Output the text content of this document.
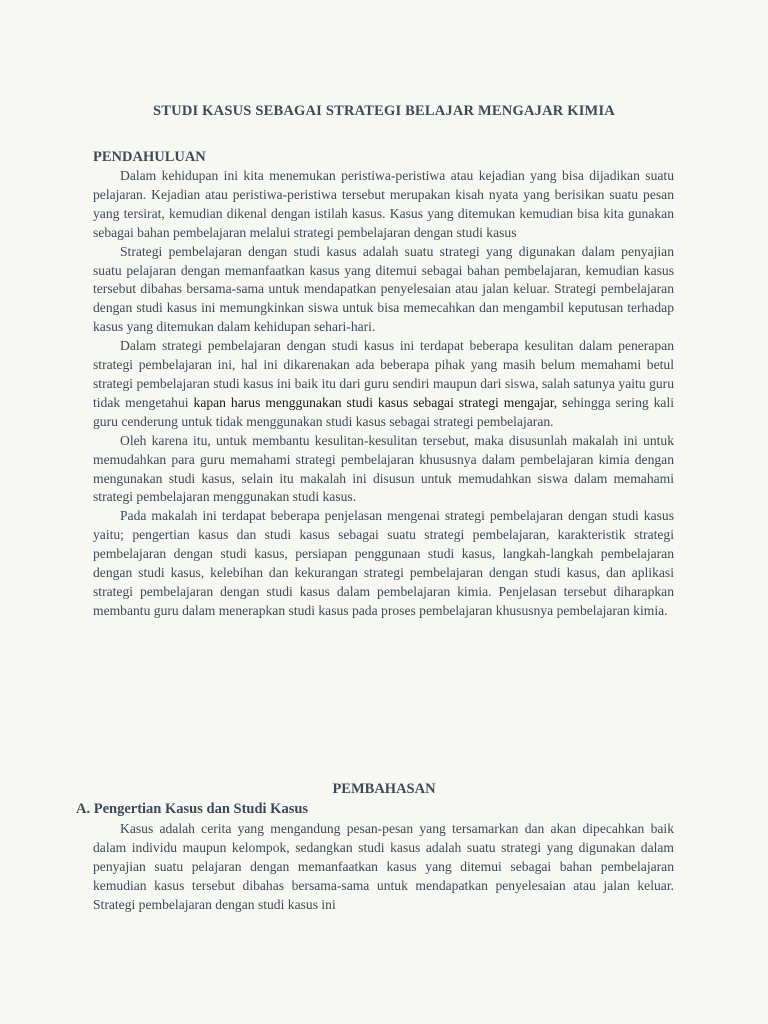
STUDI KASUS SEBAGAI STRATEGI BELAJAR MENGAJAR KIMIA
PENDAHULUAN

Dalam kehidupan ini kita menemukan peristiwa-peristiwa atau kejadian yang bisa dijadikan suatu pelajaran. Kejadian atau peristiwa-peristiwa tersebut merupakan kisah nyata yang berisikan suatu pesan yang tersirat, kemudian dikenal dengan istilah kasus. Kasus yang ditemukan kemudian bisa kita gunakan sebagai bahan pembelajaran melalui strategi pembelajaran dengan studi kasus

Strategi pembelajaran dengan studi kasus adalah suatu strategi yang digunakan dalam penyajian suatu pelajaran dengan memanfaatkan kasus yang ditemui sebagai bahan pembelajaran, kemudian kasus tersebut dibahas bersama-sama untuk mendapatkan penyelesaian atau jalan keluar. Strategi pembelajaran dengan studi kasus ini memungkinkan siswa untuk bisa memecahkan dan mengambil keputusan terhadap kasus yang ditemukan dalam kehidupan sehari-hari.

Dalam strategi pembelajaran dengan studi kasus ini terdapat beberapa kesulitan dalam penerapan strategi pembelajaran ini, hal ini dikarenakan ada beberapa pihak yang masih belum memahami betul strategi pembelajaran studi kasus ini baik itu dari guru sendiri maupun dari siswa, salah satunya yaitu guru tidak mengetahui kapan harus menggunakan studi kasus sebagai strategi mengajar, sehingga sering kali guru cenderung untuk tidak menggunakan studi kasus sebagai strategi pembelajaran.

Oleh karena itu, untuk membantu kesulitan-kesulitan tersebut, maka disusunlah makalah ini untuk memudahkan para guru memahami strategi pembelajaran khususnya dalam pembelajaran kimia dengan mengunakan studi kasus, selain itu makalah ini disusun untuk memudahkan siswa dalam memahami strategi pembelajaran menggunakan studi kasus.

Pada makalah ini terdapat beberapa penjelasan mengenai strategi pembelajaran dengan studi kasus yaitu; pengertian kasus dan studi kasus sebagai suatu strategi pembelajaran, karakteristik strategi pembelajaran dengan studi kasus, persiapan penggunaan studi kasus, langkah-langkah pembelajaran dengan studi kasus, kelebihan dan kekurangan strategi pembelajaran dengan studi kasus, dan aplikasi strategi pembelajaran dengan studi kasus dalam pembelajaran kimia. Penjelasan tersebut diharapkan membantu guru dalam menerapkan studi kasus pada proses pembelajaran khususnya pembelajaran kimia.

PEMBAHASAN
A. Pengertian Kasus dan Studi Kasus

Kasus adalah cerita yang mengandung pesan-pesan yang tersamarkan dan akan dipecahkan baik dalam individu maupun kelompok, sedangkan studi kasus adalah suatu strategi yang digunakan dalam penyajian suatu pelajaran dengan memanfaatkan kasus yang ditemui sebagai bahan pembelajaran kemudian kasus tersebut dibahas bersama-sama untuk mendapatkan penyelesaian atau jalan keluar. Strategi pembelajaran dengan studi kasus ini
